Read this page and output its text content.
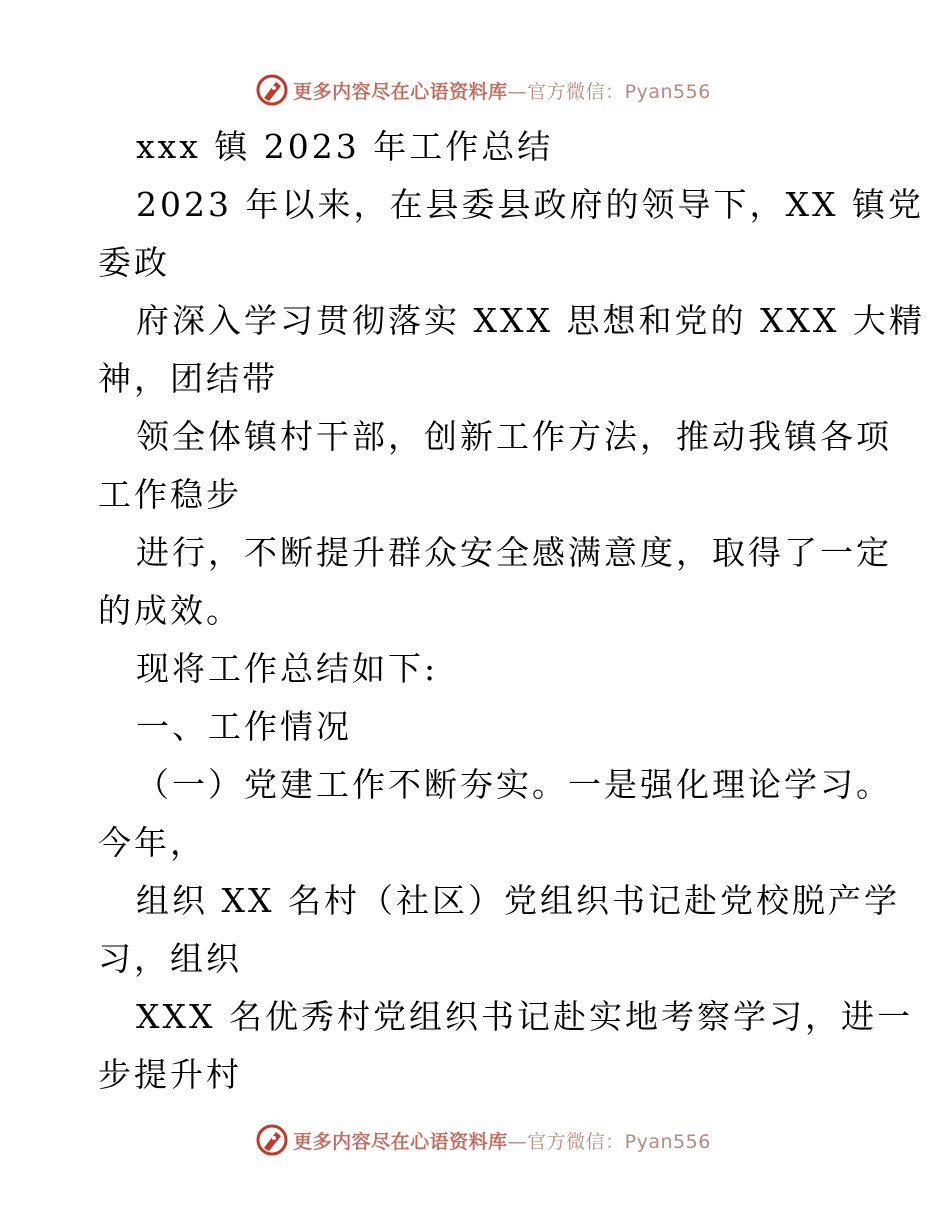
更多内容尽在心语资料库—官方微信：Pyan556
xxx 镇 2023 年工作总结
2023 年以来，在县委县政府的领导下，XX 镇党
委政
府深入学习贯彻落实 XXX 思想和党的 XXX 大精
神，团结带
领全体镇村干部，创新工作方法，推动我镇各项
工作稳步
进行，不断提升群众安全感满意度，取得了一定
的成效。
现将工作总结如下:
一、工作情况
（一）党建工作不断夯实。一是强化理论学习。
今年，
组织 XX 名村（社区）党组织书记赴党校脱产学
习，组织
XXX 名优秀村党组织书记赴实地考察学习，进一
步提升村
更多内容尽在心语资料库—官方微信：Pyan556
